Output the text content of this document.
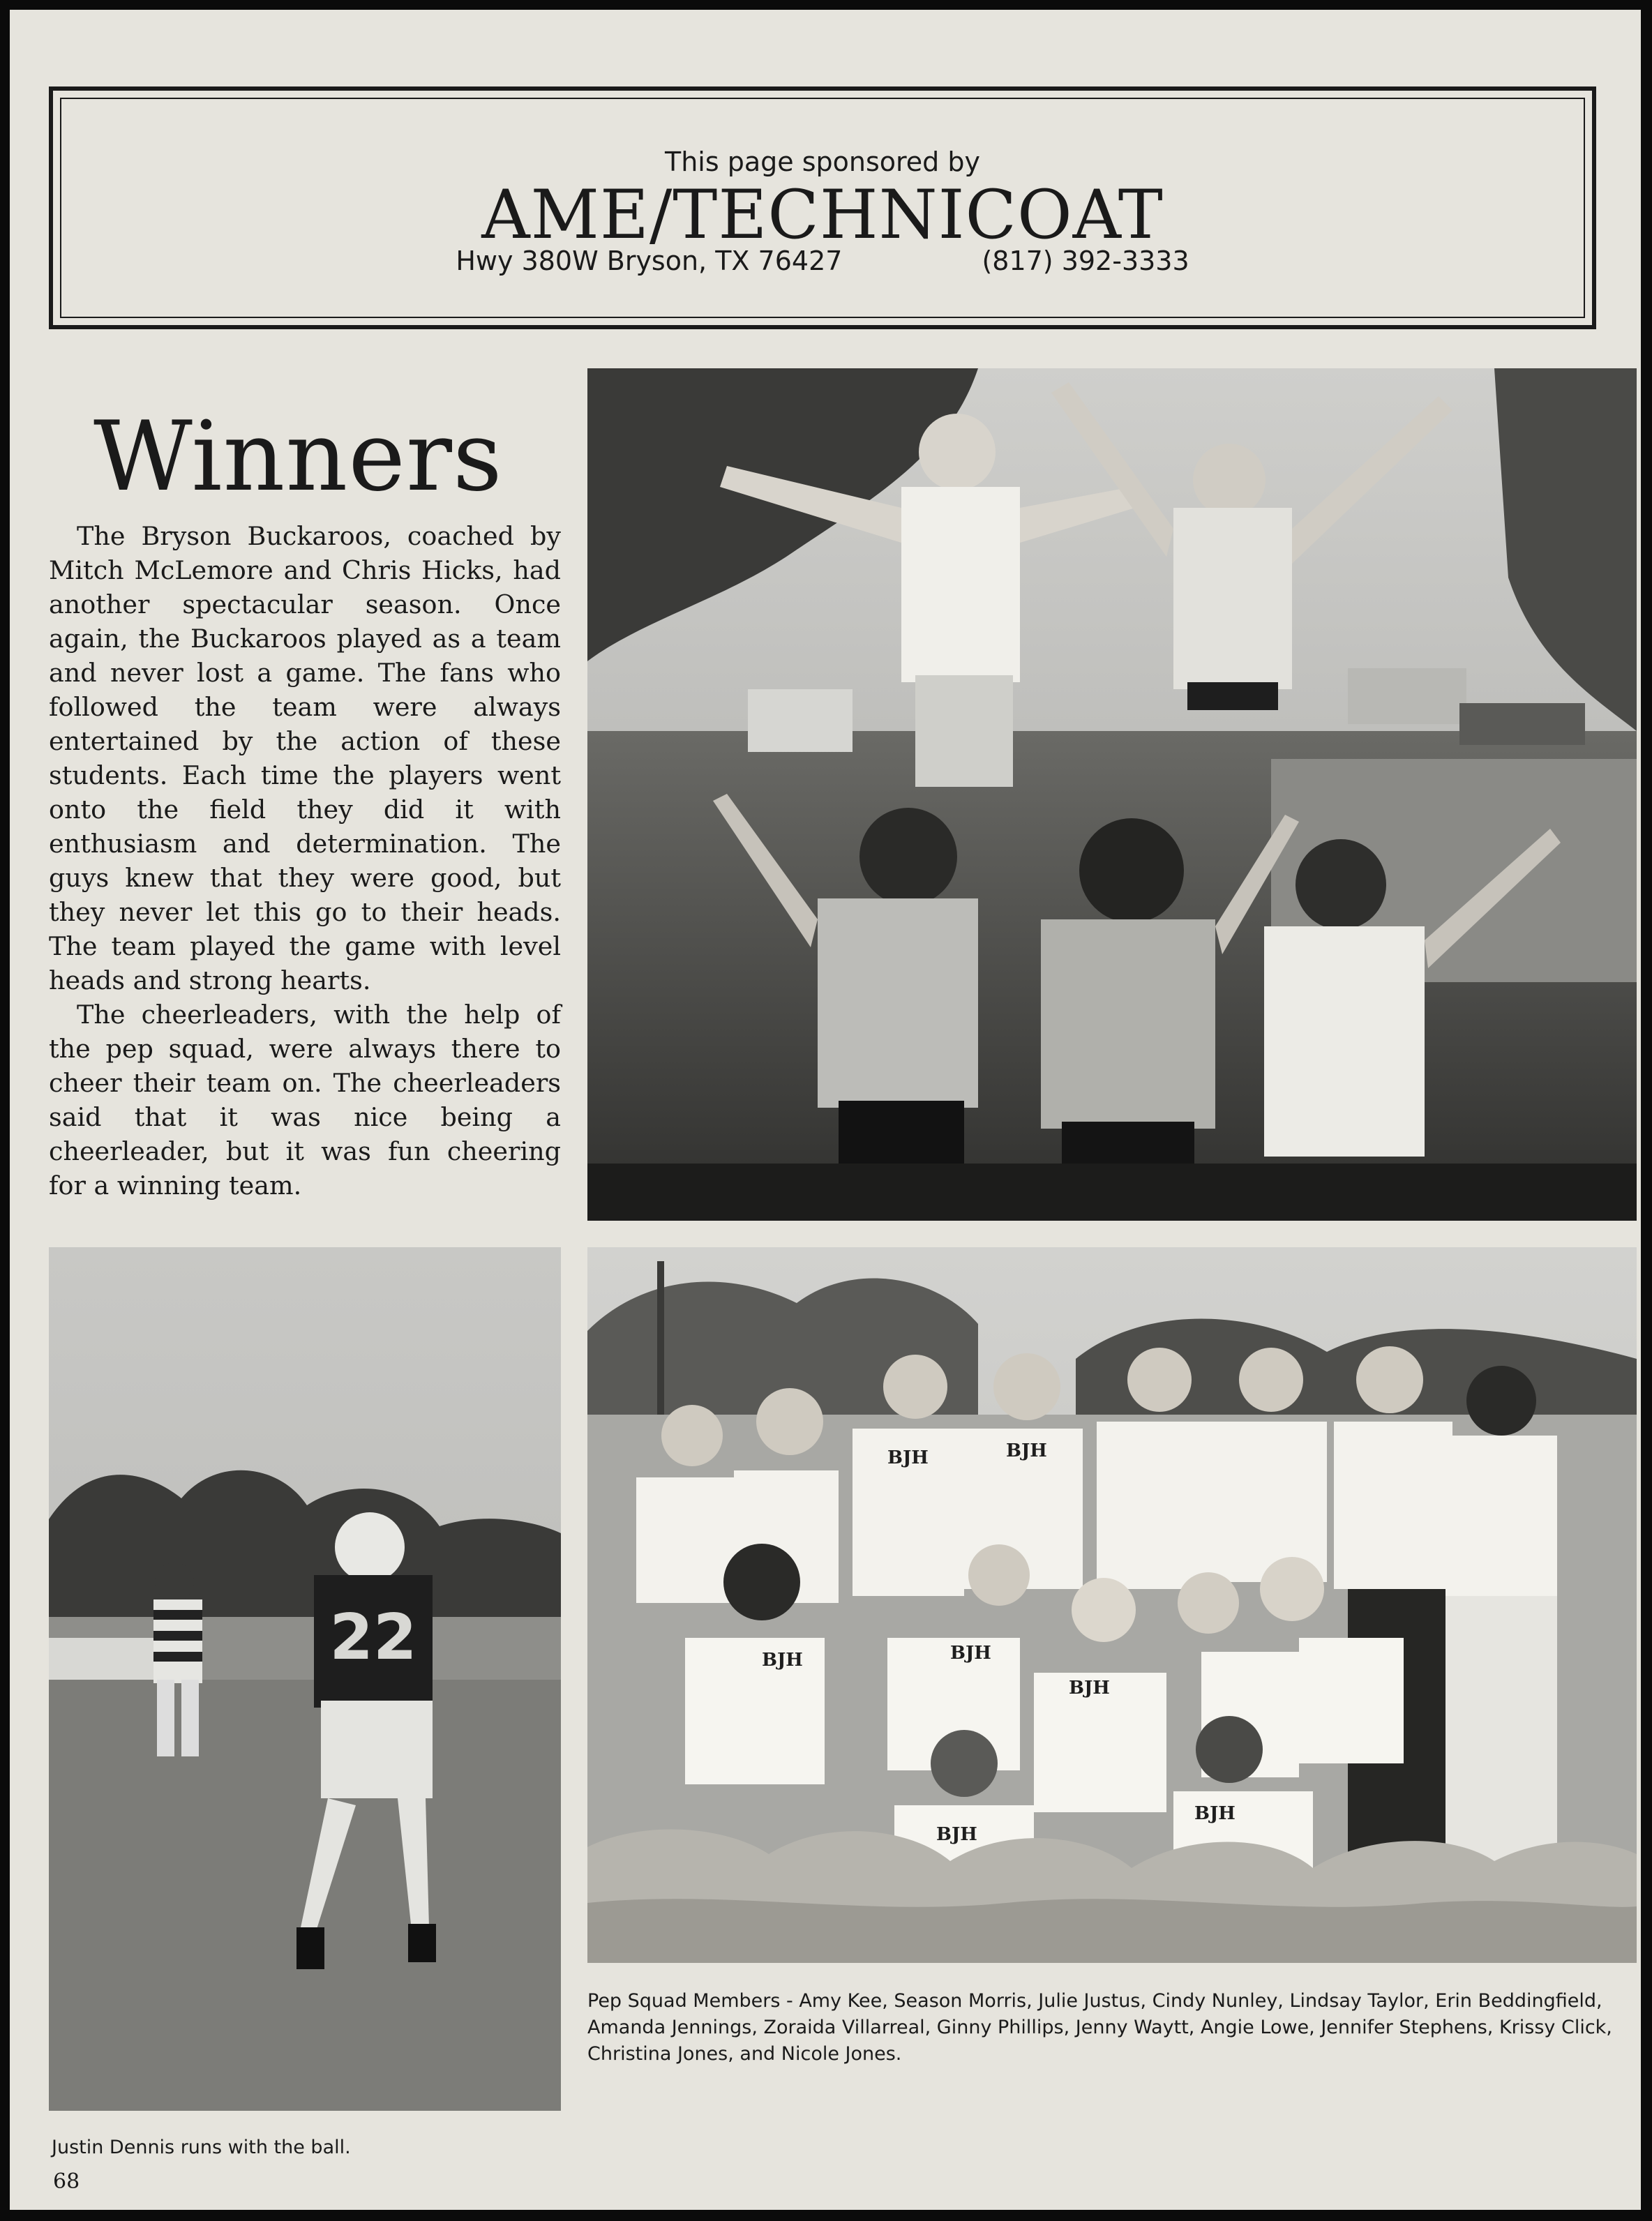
This page sponsored by
AME/TECHNICOAT
Hwy 380W Bryson, TX 76427	(817) 392-3333
Winners

The Bryson Buckaroos, coached by Mitch McLemore and Chris Hicks, had another spectacular season. Once again, the Buckaroos played as a team and never lost a game. The fans who followed the team were always entertained by the action of these students. Each time the players went onto the field they did it with enthusiasm and determination. The guys knew that they were good, but they never let this go to their heads. The team played the game with level heads and strong hearts.

The cheerleaders, with the help of the pep squad, were always there to cheer their team on. The cheerleaders said that it was nice being a cheerleader, but it was fun cheering for a winning team.

22
BJH	BJH
BJH	BJH
BJH
BJH
BJH
Pep Squad Members - Amy Kee, Season Morris, Julie Justus, Cindy Nunley, Lindsay Taylor, Erin Beddingfield, Amanda Jennings, Zoraida Villarreal, Ginny Phillips, Jenny Waytt, Angie Lowe, Jennifer Stephens, Krissy Click, Christina Jones, and Nicole Jones.
Justin Dennis runs with the ball.
68
